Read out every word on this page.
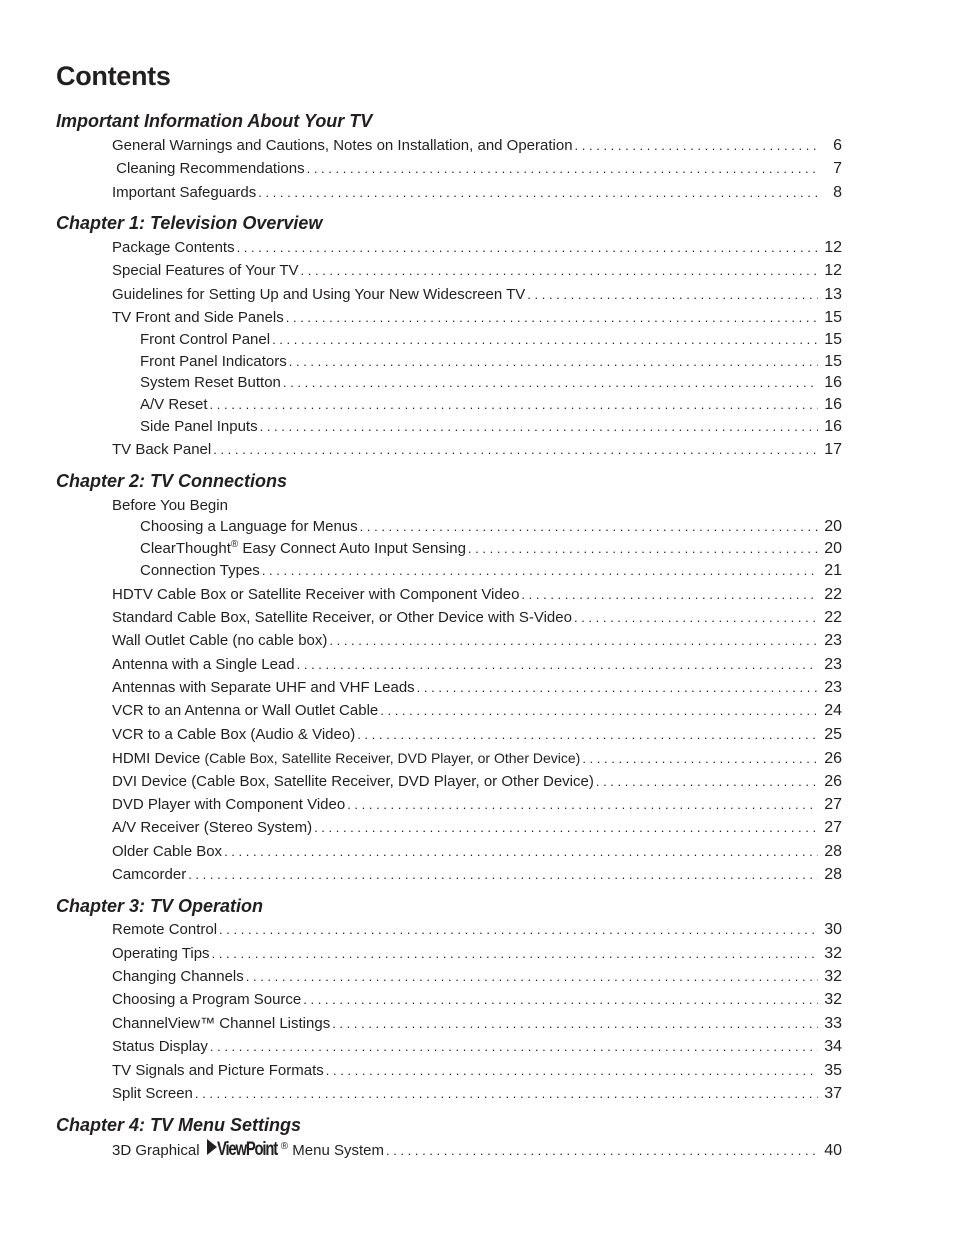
Contents
Important Information About Your TV
General Warnings and Cautions, Notes on Installation, and Operation . . .	6
Cleaning Recommendations . . .	7
Important Safeguards . . .	8
Chapter 1: Television Overview
Package Contents . . .	12
Special Features of Your TV . . .	12
Guidelines for Setting Up and Using Your New Widescreen TV . . .	13
TV Front and Side Panels . . .	15
Front Control Panel . . .	15
Front Panel Indicators . . .	15
System Reset Button . . .	16
A/V Reset . . .	16
Side Panel Inputs . . .	16
TV Back Panel . . .	17
Chapter 2: TV Connections
Before You Begin
Choosing a Language for Menus . . .	20
ClearThought® Easy Connect Auto Input Sensing . . .	20
Connection Types . . .	21
HDTV Cable Box or Satellite Receiver with Component Video . . .	22
Standard Cable Box, Satellite Receiver, or Other Device with S-Video . . .	22
Wall Outlet Cable (no cable box) . . .	23
Antenna with a Single Lead . . .	23
Antennas with Separate UHF and VHF Leads . . .	23
VCR to an Antenna or Wall Outlet Cable . . .	24
VCR to a Cable Box (Audio & Video) . . .	25
HDMI Device (Cable Box, Satellite Receiver, DVD Player, or Other Device) . . .	26
DVI Device (Cable Box, Satellite Receiver, DVD Player, or Other Device) . . .	26
DVD Player with Component Video . . .	27
A/V Receiver (Stereo System) . . .	27
Older Cable Box . . .	28
Camcorder . . .	28
Chapter 3: TV Operation
Remote Control . . .	30
Operating Tips . . .	32
Changing Channels . . .	32
Choosing a Program Source . . .	32
ChannelView™ Channel Listings . . .	33
Status Display . . .	34
TV Signals and Picture Formats . . .	35
Split Screen . . .	37
Chapter 4: TV Menu Settings
3D Graphical ViewPoint ® Menu System . . .	40
